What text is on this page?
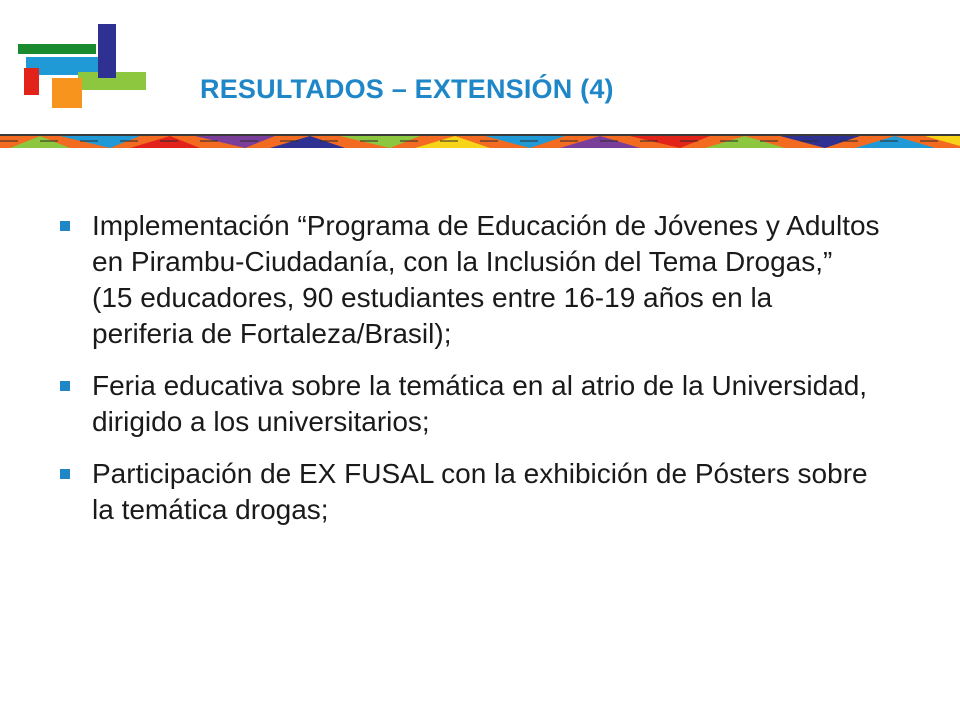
RESULTADOS – EXTENSIÓN (4)
Implementación “Programa de Educación de Jóvenes y Adultos en Pirambu-Ciudadanía, con la Inclusión del Tema Drogas,” (15 educadores, 90 estudiantes entre 16-19 años en la periferia de Fortaleza/Brasil);
Feria educativa sobre la temática en al atrio de la Universidad, dirigido a los universitarios;
Participación de EX FUSAL con la exhibición de Pósters sobre la temática drogas;
